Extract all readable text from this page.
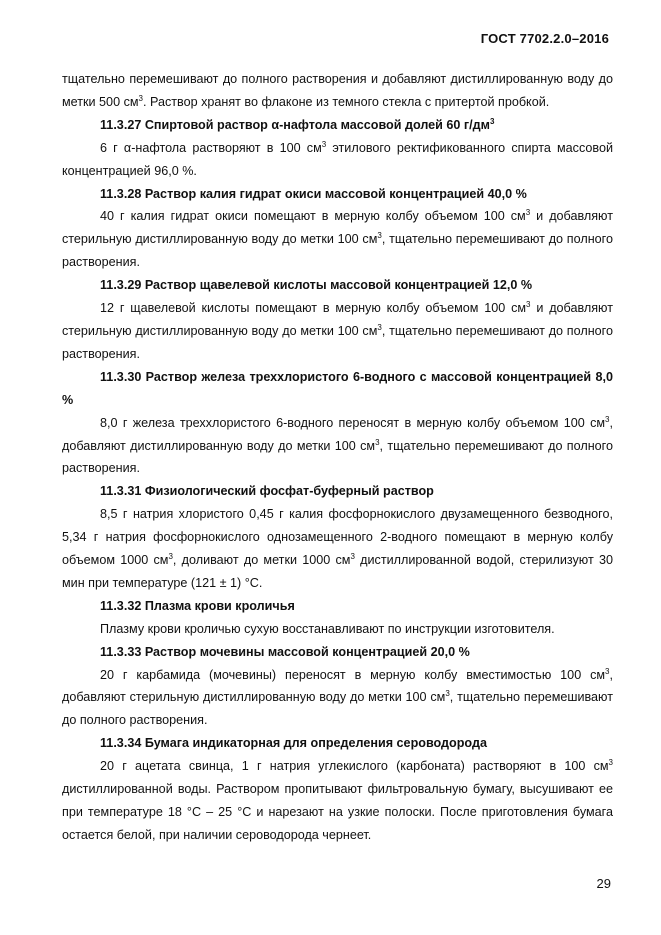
ГОСТ 7702.2.0–2016

тщательно перемешивают до полного растворения и добавляют дистиллированную воду до метки 500 $см^3$. Раствор хранят во флаконе из темного стекла с притертой пробкой.

11.3.27 Спиртовой раствор α-нафтола массовой долей 60 $г/дм^3$

6 г α-нафтола растворяют в 100 $см^3$ этилового ректификованного спирта массовой концентрацией 96,0 %.

11.3.28 Раствор калия гидрат окиси массовой концентрацией 40,0 %

40 г калия гидрат окиси помещают в мерную колбу объемом 100 $см^3$ и добавляют стерильную дистиллированную воду до метки 100 $см^3$, тщательно перемешивают до полного растворения.

11.3.29 Раствор щавелевой кислоты массовой концентрацией 12,0 %

12 г щавелевой кислоты помещают в мерную колбу объемом 100 $см^3$ и добавляют стерильную дистиллированную воду до метки 100 $см^3$, тщательно перемешивают до полного растворения.

11.3.30 Раствор железа треххлористого 6-водного с массовой концентрацией 8,0 %

8,0 г железа треххлористого 6-водного переносят в мерную колбу объемом 100 $см^3$, добавляют дистиллированную воду до метки 100 $см^3$, тщательно перемешивают до полного растворения.

11.3.31 Физиологический фосфат-буферный раствор

8,5 г натрия хлористого 0,45 г калия фосфорнокислого двузамещенного безводного, 5,34 г натрия фосфорнокислого однозамещенного 2-водного помещают в мерную колбу объемом 1000 $см^3$, доливают до метки 1000 $см^3$ дистиллированной водой, стерилизуют 30 мин при температуре (121 ± 1) °С.

11.3.32 Плазма крови кроличья

Плазму крови кроличью сухую восстанавливают по инструкции изготовителя.

11.3.33 Раствор мочевины массовой концентрацией 20,0 %

20 г карбамида (мочевины) переносят в мерную колбу вместимостью 100 $см^3$, добавляют стерильную дистиллированную воду до метки 100 $см^3$, тщательно перемешивают до полного растворения.

11.3.34 Бумага индикаторная для определения сероводорода

20 г ацетата свинца, 1 г натрия углекислого (карбоната) растворяют в 100 $см^3$ дистиллированной воды. Раствором пропитывают фильтровальную бумагу, высушивают ее при температуре 18 °С – 25 °С и нарезают на узкие полоски. После приготовления бумага остается белой, при наличии сероводорода чернеет.

29
